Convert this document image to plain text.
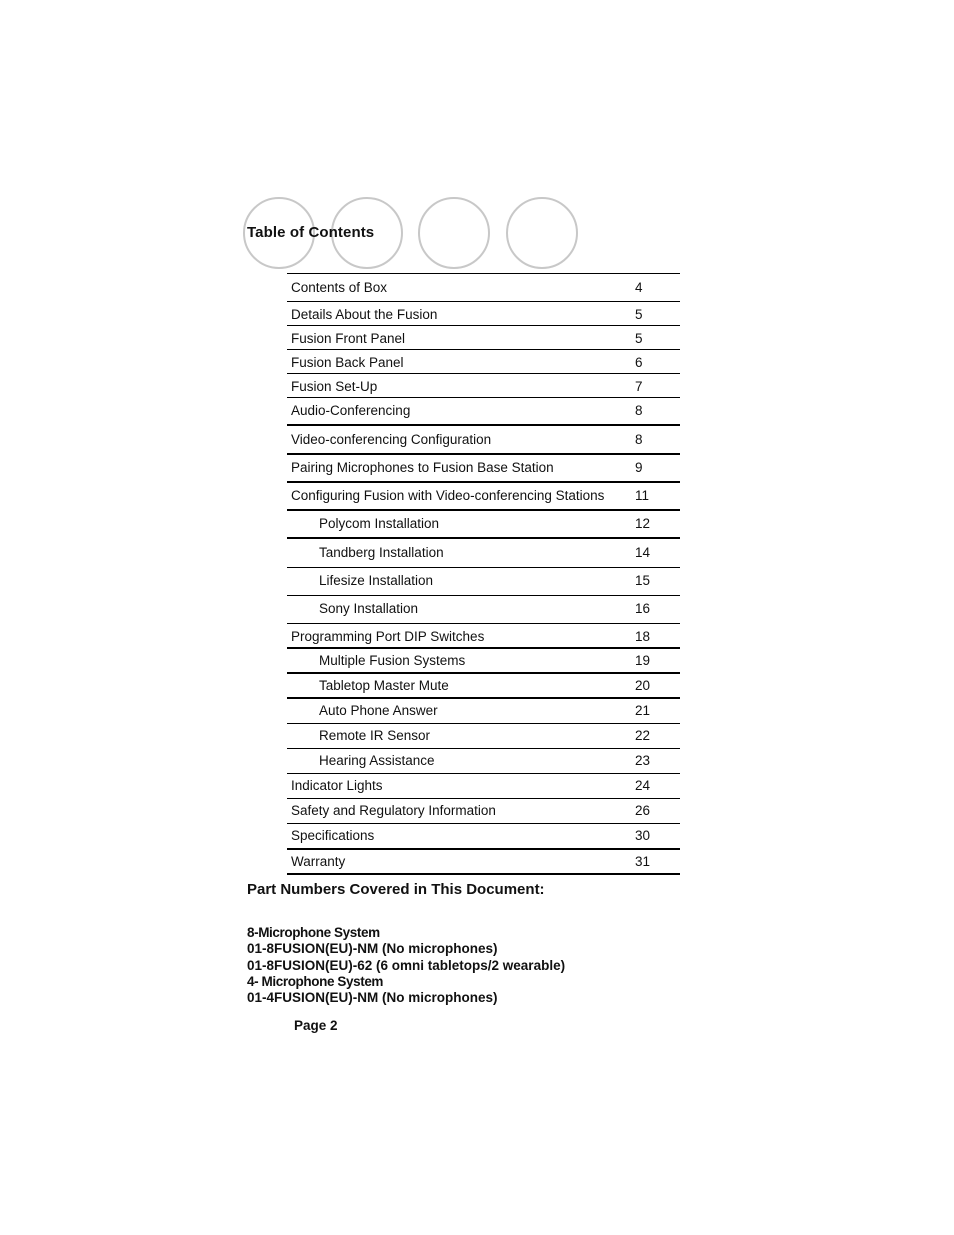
Table of Contents
Contents of Box	4
Details About the Fusion	5
Fusion Front Panel	5
Fusion Back Panel	6
Fusion Set-Up	7
Audio-Conferencing	8
Video-conferencing Configuration	8
Pairing Microphones to Fusion Base Station	9
Configuring Fusion with Video-conferencing Stations 11
Polycom Installation	12
Tandberg Installation	14
Lifesize Installation	15
Sony Installation	16
Programming Port DIP Switches	18
Multiple Fusion Systems	19
Tabletop Master Mute	20
Auto Phone Answer	21
Remote IR Sensor	22
Hearing Assistance	23
Indicator Lights	24
Safety and Regulatory Information	26
Specifications	30
Warranty	31
Part Numbers Covered in This Document:
8-Microphone System
01-8FUSION(EU)-NM (No microphones)
01-8FUSION(EU)-62 (6 omni tabletops/2 wearable)
4- Microphone System
01-4FUSION(EU)-NM (No microphones)
Page 2
